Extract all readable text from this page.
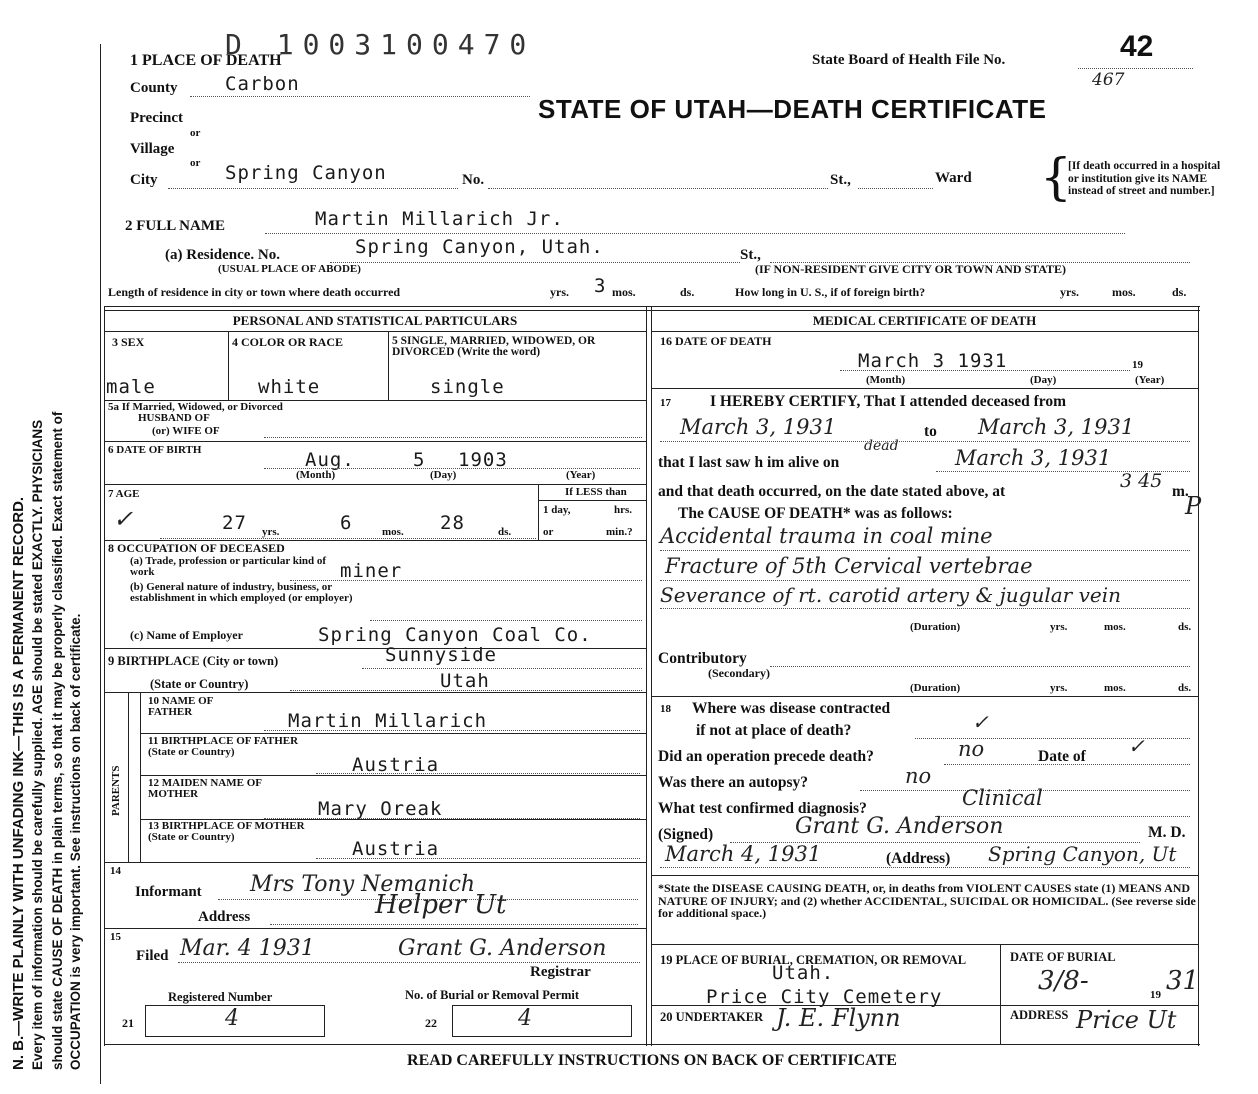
N. B.—WRITE PLAINLY WITH UNFADING INK—THIS IS A PERMANENT RECORD. Every item of information should be carefully supplied. AGE should be stated EXACTLY. PHYSICIANS should state CAUSE OF DEATH in plain terms, so that it may be properly classified. Exact statement of OCCUPATION is very important. See instructions on back of certificate.
D 1003100470
1 PLACE OF DEATH	State Board of Health File No.	42
467
STATE OF UTAH—DEATH CERTIFICATE
County Carbon
Precinct
or
Village
or
City	Spring Canyon	No.	St.,	Ward {
[If death occurred in a hospital or institution give its NAME instead of street and number.]
2 FULL NAME	Martin Millarich Jr.
(a) Residence. No.	Spring Canyon, Utah.	St.,
(USUAL PLACE OF ABODE)	(IF NON-RESIDENT GIVE CITY OR TOWN AND STATE)
Length of residence in city or town where death occurred	yrs. 3 mos.	ds.	How long in U. S., if of foreign birth?	yrs.	mos.	ds.
PERSONAL AND STATISTICAL PARTICULARS	MEDICAL CERTIFICATE OF DEATH
3 SEX	4 COLOR OR RACE	5 SINGLE, MARRIED, WIDOWED, OR DIVORCED (Write the word)
male	white	single
5a If Married, Widowed, or Divorced
HUSBAND OF
(or) WIFE OF
6 DATE OF BIRTH	Aug.	5 1903
(Month)	(Day)	(Year)
7 AGE
✓	27 yrs.	6	mos. 28	ds.
If LESS than
1 day,	hrs.
or	min.?
8 OCCUPATION OF DECEASED
(a) Trade, profession or particular kind of work	miner
(b) General nature of industry, business, or establishment in which employed (or employer)
(c) Name of Employer	Spring Canyon Coal Co.
9 BIRTHPLACE (City or town)	Sunnyside
(State or Country)	Utah
PARENTS
10 NAME OF FATHER	Martin Millarich
11 BIRTHPLACE OF FATHER (State or Country)
Austria
12 MAIDEN NAME OF MOTHER
Mary Oreak
13 BIRTHPLACE OF MOTHER (State or Country)
Austria
14
Informant Mrs Tony Nemanich
Address	Helper Ut
15
Filed Mar. 4 1931	Grant G. Anderson
Registrar
Registered Number	No. of Burial or Removal Permit
21	4	22	4
16 DATE OF DEATH
March 3 1931	19
(Month)	(Day)	(Year)
17	I HEREBY CERTIFY, That I attended deceased from
March 3, 1931	to March 3, 1931
that I last saw h im alive on
dead	March 3, 1931
and that death occurred, on the date stated above, at	3 45 m.
P
The CAUSE OF DEATH* was as follows:
Accidental trauma in coal mine
Fracture of 5th Cervical vertebrae
Severance of rt. carotid artery & jugular vein
(Duration)	yrs.	mos.	ds.
Contributory
(Secondary)
(Duration)	yrs.	mos.	ds.
18 Where was disease contracted
if not at place of death?	✓
Did an operation precede death?	no	Date of ✓
Was there an autopsy?	no
What test confirmed diagnosis?	Clinical
(Signed)	Grant G. Anderson	M. D.
March 4, 1931	(Address) Spring Canyon, Ut
*State the DISEASE CAUSING DEATH, or, in deaths from VIOLENT CAUSES state (1) MEANS AND NATURE OF INJURY; and (2) whether ACCIDENTAL, SUICIDAL OR HOMICIDAL. (See reverse side for additional space.)
19 PLACE OF BURIAL, CREMATION, OR REMOVAL
Utah.
Price City Cemetery
DATE OF BURIAL
3/8-	19 31
20 UNDERTAKER J. E. Flynn	ADDRESS Price Ut
READ CAREFULLY INSTRUCTIONS ON BACK OF CERTIFICATE
